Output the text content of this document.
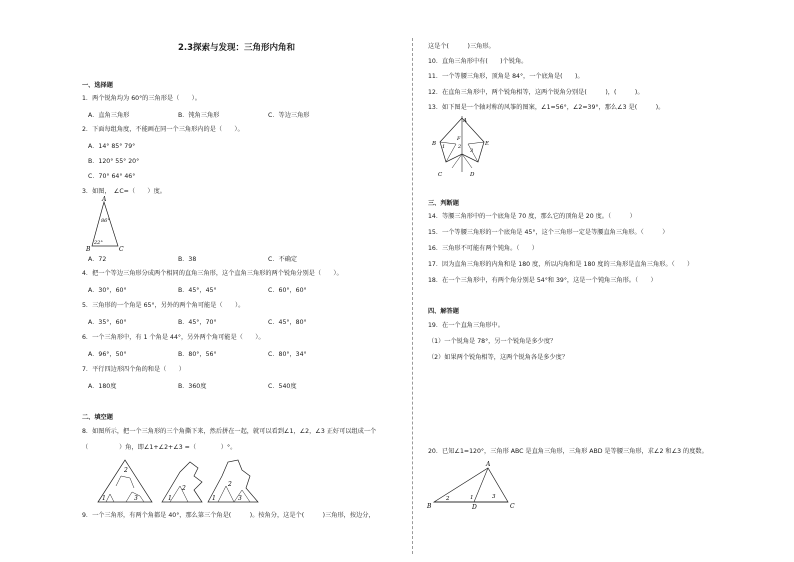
2.3探索与发现：三角形内角和
一、选择题
1．两个锐角均为 60°的三角形是（　　）。
A．直角三角形	B．钝角三角形	C．等边三角形
2．下面每组角度，不能画在同一个三角形内的是（　　）。
A．14° 85° 79°
B．120° 55° 20°
C．70° 64° 46°
3．如图，　∠C=（　　）度。
A
B	C
86°
22°
A．72	B．38	C．不确定
4．把一个等边三角形分成两个相同的直角三角形，这个直角三角形的两个锐角分别是（　　）。
A．30°，60°	B．45°，45°	C．60°，60°
5．三角形的一个角是 65°，另外的两个角可能是（　　）。
A．35°，60°	B．45°，70°	C．45°，80°
6．一个三角形中，有 1 个角是 44°，另外两个角可能是（　　）。
A．96°，50°	B．80°，56°	C．80°，34°
7．平行四边形四个角的和是（　　）
A．180度	B．360度	C．540度
二、填空题
8．如图所示，把一个三角形的三个角撕下来，然后拼在一起，就可以看到∠1，∠2，∠3 正好可以组成一个
（　　　　　）角，即∠1+∠2+∠3 =（　　　　）°。
1
2
3	1
2
1
2
3
9．一个三角形，有两个角都是 40°，那么第三个角是(　　　)。按角分，这是个(　　　)三角形，按边分，
这是个(　　　)三角形。
10．直角三角形中有(　　)个锐角。
11．一个等腰三角形，顶角是 84°，一个底角是(　　)。
12．在直角三角形中，两个锐角相等，这两个锐角分别是(　　　)，(　　　)。
13．如下图是一个轴对称的风筝的图案，∠1=56°，∠2=39°，那么∠3 是(　　　)。
A
B	E
F
1	2
3
C	D
三、判断题
14．等腰三角形中的一个底角是 70 度，那么它的顶角是 20 度。（　　　）
15．一个等腰三角形的一个底角是 45°，这个三角形一定是等腰直角三角形。（　　　）
16．三角形不可能有两个钝角。（　　）
17．因为直角三角形的内角和是 180 度，所以内角和是 180 度的三角形是直角三角形。（　　）
18．在一个三角形中，有两个角分别是 54°和 39°，这是一个钝角三角形。（　　）
四、解答题
19．在一个直角三角形中。
（1）一个锐角是 78°，另一个锐角是多少度？
（2）如果两个锐角相等，这两个锐角各是多少度？
20．已知∠1=120°，三角形 ABC 是直角三角形，三角形 ABD 是等腰三角形，求∠2 和∠3 的度数。
A
B	C
D
1
2	3
